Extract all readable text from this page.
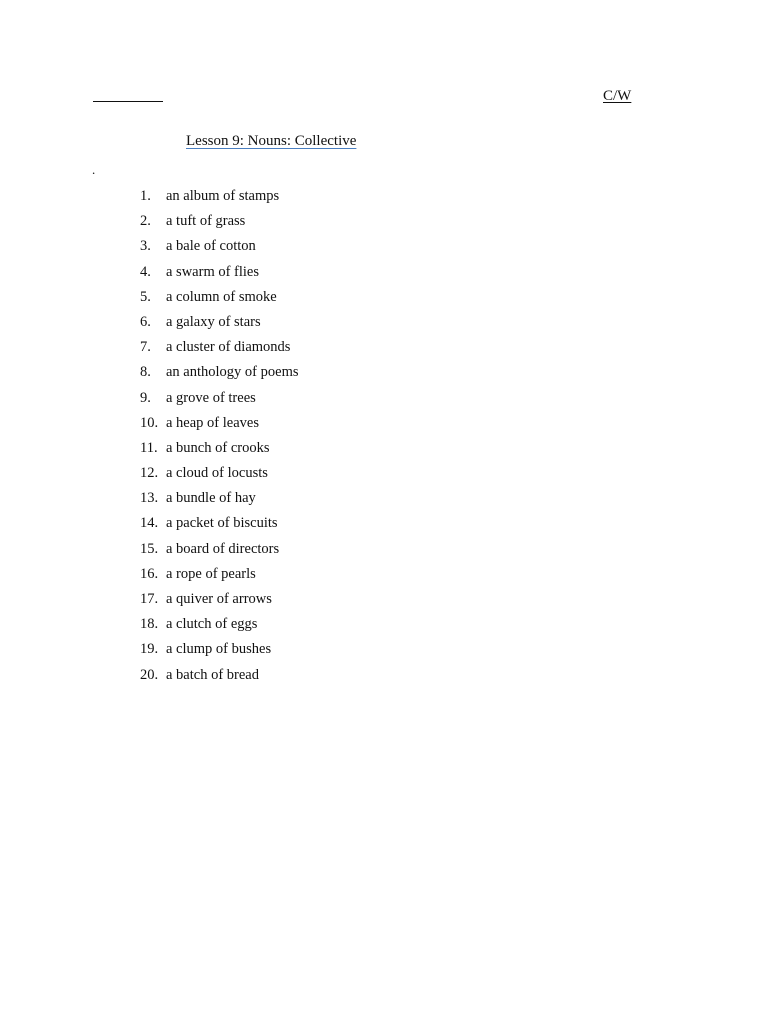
C/W
Lesson 9: Nouns: Collective
.
1. an album of stamps
2. a tuft of grass
3. a bale of cotton
4. a swarm of flies
5. a column of smoke
6. a galaxy of stars
7. a cluster of diamonds
8. an anthology of poems
9. a grove of trees
10. a heap of leaves
11. a bunch of crooks
12. a cloud of locusts
13. a bundle of hay
14. a packet of biscuits
15. a board of directors
16. a rope of pearls
17. a quiver of arrows
18. a clutch of eggs
19. a clump of bushes
20. a batch of bread
